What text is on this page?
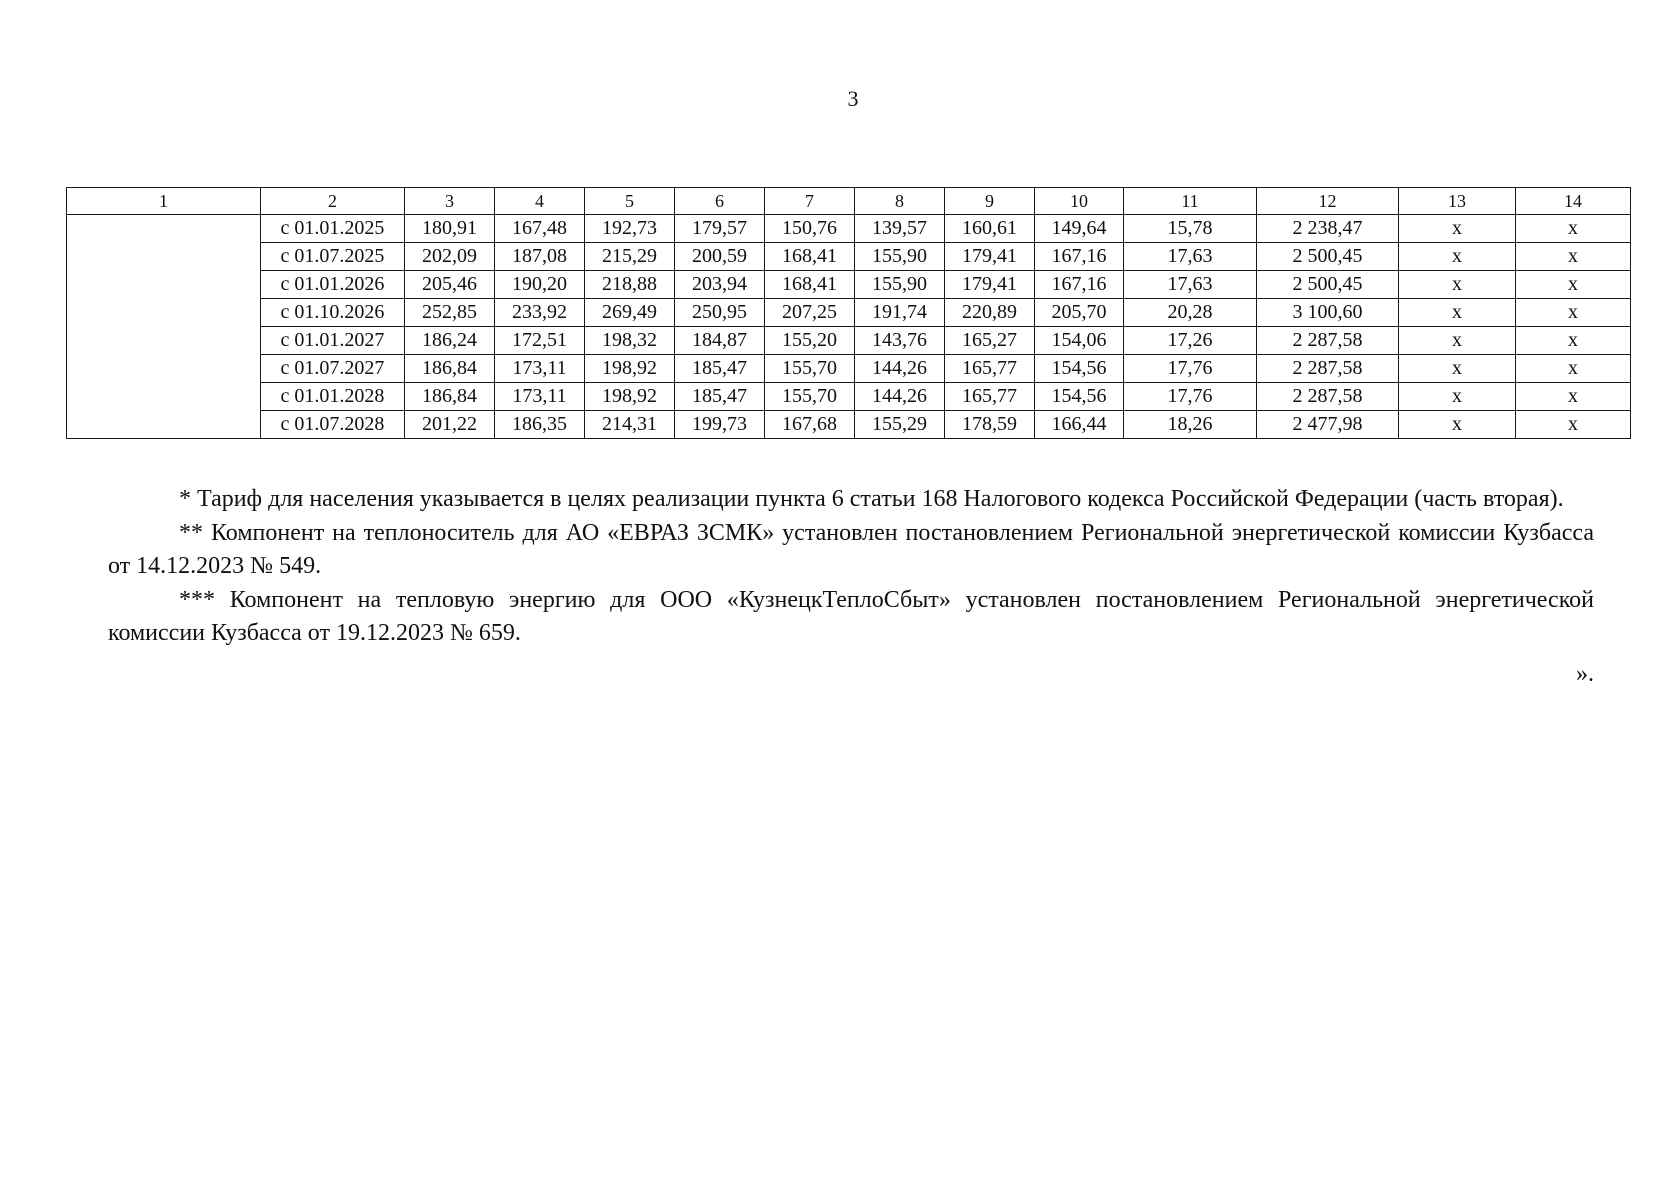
3
1	2	3	4	5	6	7	8	9	10	11	12	13	14
	с 01.01.2025	180,91	167,48	192,73	179,57	150,76	139,57	160,61	149,64	15,78	2 238,47	x	x
	с 01.07.2025	202,09	187,08	215,29	200,59	168,41	155,90	179,41	167,16	17,63	2 500,45	x	x
	с 01.01.2026	205,46	190,20	218,88	203,94	168,41	155,90	179,41	167,16	17,63	2 500,45	x	x
	с 01.10.2026	252,85	233,92	269,49	250,95	207,25	191,74	220,89	205,70	20,28	3 100,60	x	x
	с 01.01.2027	186,24	172,51	198,32	184,87	155,20	143,76	165,27	154,06	17,26	2 287,58	x	x
	с 01.07.2027	186,84	173,11	198,92	185,47	155,70	144,26	165,77	154,56	17,76	2 287,58	x	x
	с 01.01.2028	186,84	173,11	198,92	185,47	155,70	144,26	165,77	154,56	17,76	2 287,58	x	x
	с 01.07.2028	201,22	186,35	214,31	199,73	167,68	155,29	178,59	166,44	18,26	2 477,98	x	x

* Тариф для населения указывается в целях реализации пункта 6 статьи 168 Налогового кодекса Российской Федерации (часть вторая).

** Компонент на теплоноситель для АО «ЕВРАЗ ЗСМК» установлен постановлением Региональной энергетической комиссии Кузбасса от 14.12.2023 № 549.

*** Компонент на тепловую энергию для ООО «КузнецкТеплоСбыт» установлен постановлением Региональной энергетической комиссии Кузбасса от 19.12.2023 № 659.

».
